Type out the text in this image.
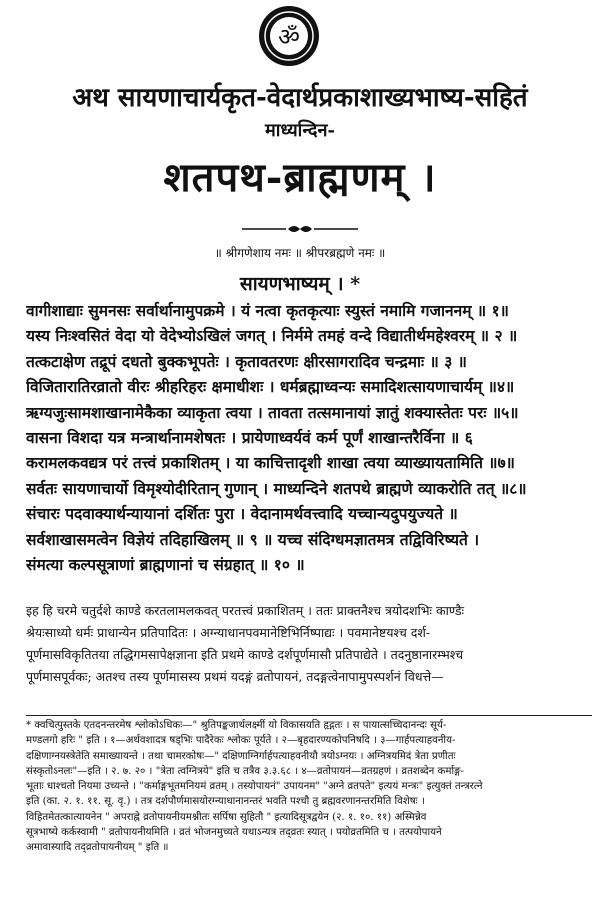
ॐ
अथ सायणाचार्यकृत-वेदार्थप्रकाशाख्यभाष्य-सहितं
माध्यन्दिन-
शतपथ-ब्राह्मणम् ।
॥ श्रीगणेशाय नमः ॥ श्रीपरब्रह्मणे नमः ॥
सायणभाष्यम् । *
वागीशाद्याः सुमनसः सर्वार्थानामुपक्रमे । यं नत्वा कृतकृत्याः स्युस्तं नमामि गजाननम् ॥ १॥
यस्य निःश्वसितं वेदा यो वेदेभ्योऽखिलं जगत् । निर्ममे तमहं वन्दे विद्यातीर्थमहेश्वरम् ॥ २ ॥
तत्कटाक्षेण तद्रूपं दधतो बुक्कभूपतेः । कृतावतरणः क्षीरसागरादिव चन्द्रमाः ॥ ३ ॥
विजितारातिरव्रातो वीरः श्रीहरिहरः क्षमाधीशः । धर्मब्रह्माध्वन्यः समादिशत्सायणाचार्यम् ॥४॥
ऋग्यजुःसामशाखानामेकैका व्याकृता त्वया । तावता तत्समानायां ज्ञातुं शक्यास्तेतः परः ॥५॥
वासना विशदा यत्र मन्त्रार्थानामशेषतः । प्रायेणाध्वर्यवं कर्म पूर्णं शाखान्तरैर्विना ॥ ६
करामलकवद्यत्र परं तत्त्वं प्रकाशितम् । या काचित्तादृशी शाखा त्वया व्याख्यायतामिति ॥७॥
सर्वतः सायणाचार्यो विमृश्योदीरितान् गुणान् । माध्यन्दिने शतपथे ब्राह्मणे व्याकरोति तत् ॥८॥
संचारः पदवाक्यार्थन्यायानां दर्शितः पुरा । वेदानामर्थवत्त्वादि यच्चान्यदुपयुज्यते ॥
सर्वशाखासमत्वेन विज्ञेयं तदिहाखिलम् ॥ ९ ॥ यच्च संदिग्धमज्ञातमत्र तद्विविरिष्यते ।
संमत्या कल्पसूत्राणां ब्राह्मणानां च संग्रहात् ॥ १० ॥

इह हि चरमे चतुर्दशे काण्डे करतलामलकवत् परतत्त्वं प्रकाशितम् । ततः प्राक्तनैश्च त्रयोदशभिः काण्डैः

श्रेयःसाध्यो धर्मः प्राधान्येन प्रतिपादितः । अग्न्याधानपवमानेष्टिभिर्निष्पाद्यः । पवमानेष्टयश्च दर्श-

पूर्णमासविकृतितया तद्धिगमसापेक्षज्ञाना इति प्रथमे काण्डे दर्शपूर्णमासौ प्रतिपाद्येते । तदनुष्ठानारम्भश्च

पूर्णमासपूर्वकः; अतश्च तस्य पूर्णमासस्य प्रथमं यदङ्गं व्रतोपायनं, तदङ्गत्वेनापामुपस्पर्शनं विधत्ते—

* क्वचित्पुस्तके एतदनन्तरमेष श्लोकोऽधिकः—" श्रुतिपङ्कजार्थलक्ष्मीं यो विकासयति हृद्गतः । स पायात्सच्चिदानन्दः सूर्य-

मण्डलगो हरिः " इति । १—अर्थवशादत्र षड्भिः पादैरेकः श्लोकः पूर्यते । २—बृहदारण्यकोपनिषदि । ३—गार्हपत्याहवनीय-

दक्षिणाग्नयस्त्रेतेति समाख्यायन्ते । तथा चामरकोषः—" दक्षिणाग्निर्गार्हपत्याहवनीयौ त्रयोऽग्नयः । अग्नित्रयमिदं त्रेता प्रणीतः

संस्कृतोऽनलः"—इति । २. ७. २० । "त्रेता त्वग्नित्रये" इति च तत्रैव ३.३.६८ । ४—व्रतोपायनं—व्रतग्रहणं । व्रतशब्देन कर्माङ्ग-

भूताः धाश्चतो नियमा उच्यन्ते । "कर्माङ्गभूतमनियमं व्रतम् । तस्योपायनं" उपायनम" "अग्ने व्रतपते" इत्ययं मन्त्रः" इत्युक्तं तन्त्ररत्ने

इति (का. २. १. ११. सू. वृ.) । तत्र दर्शपौर्णमासयोरग्न्याधानानन्तरं भवति पश्चौ तु ब्रह्मवरणानन्तरमिति विशेषः ।

विहितमेतत्कात्यायनेन " अपराह्ने व्रतोपायनीयमश्नीतः सर्पिषा सुहितौ " इत्यादिसूत्रद्वयेन (२. १. १०. ११) अस्मिन्नेव

सूत्रभाष्ये कर्कस्वामी " व्रतोपायनीयमिति । व्रतं भोजनमुच्यते यथाऽन्यत्र तद्व्रतः स्यात् । पयोव्रतमिति च । तत्पयोपायने

अमावास्यादि तद्व्रतोपायनीयम् " इति ॥
